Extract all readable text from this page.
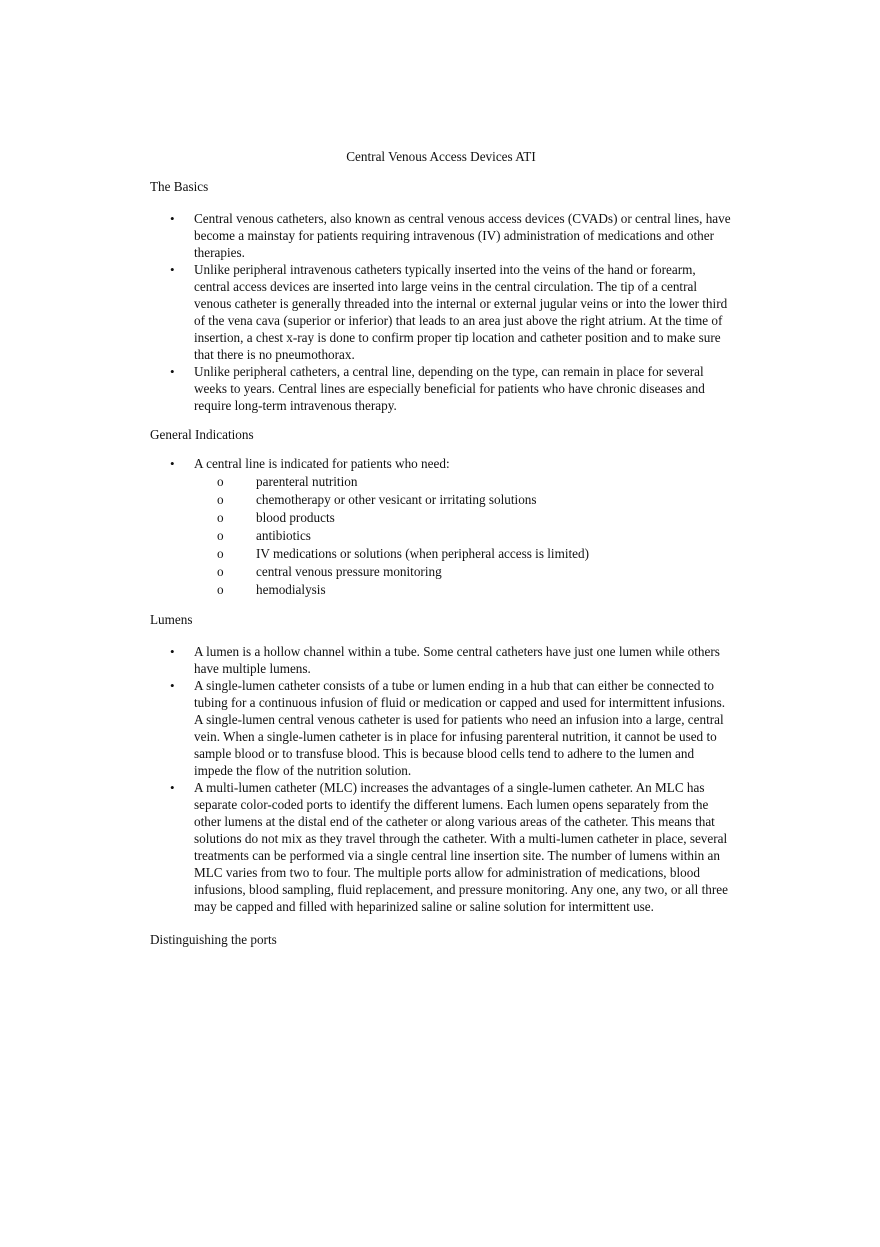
Central Venous Access Devices ATI
The Basics
• Central venous catheters, also known as central venous access devices (CVADs) or central lines, have become a mainstay for patients requiring intravenous (IV) administration of medications and other therapies.
• Unlike peripheral intravenous catheters typically inserted into the veins of the hand or forearm, central access devices are inserted into large veins in the central circulation. The tip of a central venous catheter is generally threaded into the internal or external jugular veins or into the lower third of the vena cava (superior or inferior) that leads to an area just above the right atrium. At the time of insertion, a chest x-ray is done to confirm proper tip location and catheter position and to make sure that there is no pneumothorax.
• Unlike peripheral catheters, a central line, depending on the type, can remain in place for several weeks to years. Central lines are especially beneficial for patients who have chronic diseases and require long-term intravenous therapy.
General Indications
• A central line is indicated for patients who need:
o parenteral nutrition
o chemotherapy or other vesicant or irritating solutions
o blood products
o antibiotics
o IV medications or solutions (when peripheral access is limited)
o central venous pressure monitoring
o hemodialysis
Lumens
• A lumen is a hollow channel within a tube. Some central catheters have just one lumen while others have multiple lumens.
• A single-lumen catheter consists of a tube or lumen ending in a hub that can either be connected to tubing for a continuous infusion of fluid or medication or capped and used for intermittent infusions. A single-lumen central venous catheter is used for patients who need an infusion into a large, central vein. When a single-lumen catheter is in place for infusing parenteral nutrition, it cannot be used to sample blood or to transfuse blood. This is because blood cells tend to adhere to the lumen and impede the flow of the nutrition solution.
• A multi-lumen catheter (MLC) increases the advantages of a single-lumen catheter. An MLC has separate color-coded ports to identify the different lumens. Each lumen opens separately from the other lumens at the distal end of the catheter or along various areas of the catheter. This means that solutions do not mix as they travel through the catheter. With a multi-lumen catheter in place, several treatments can be performed via a single central line insertion site. The number of lumens within an MLC varies from two to four. The multiple ports allow for administration of medications, blood infusions, blood sampling, fluid replacement, and pressure monitoring. Any one, any two, or all three may be capped and filled with heparinized saline or saline solution for intermittent use.
Distinguishing the ports
